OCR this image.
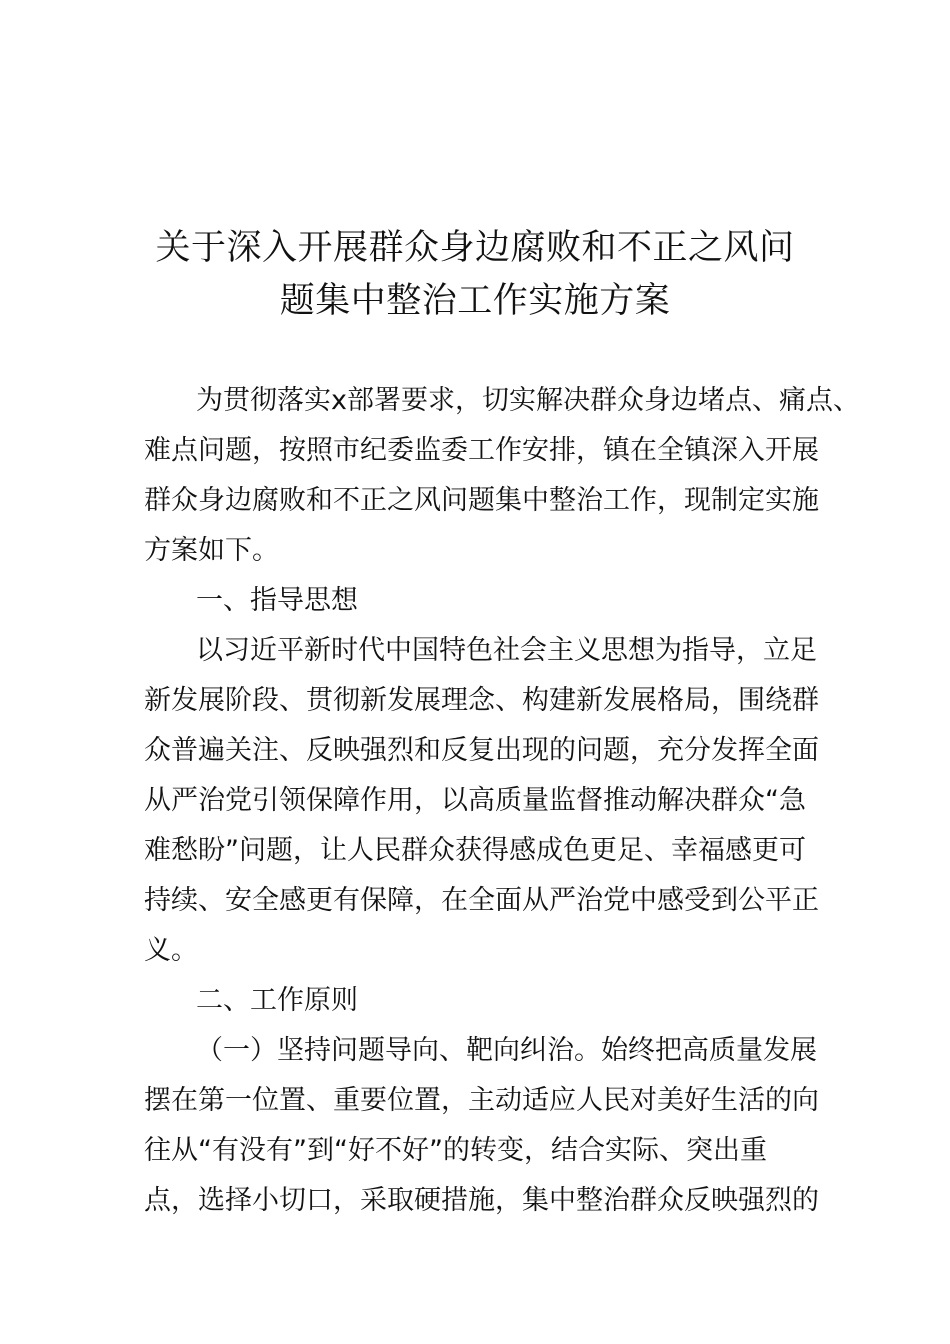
关于深入开展群众身边腐败和不正之风问
题集中整治工作实施方案
为贯彻落实x部署要求，切实解决群众身边堵点、痛点、
难点问题，按照市纪委监委工作安排，镇在全镇深入开展
群众身边腐败和不正之风问题集中整治工作，现制定实施
方案如下。
一、指导思想
以习近平新时代中国特色社会主义思想为指导，立足
新发展阶段、贯彻新发展理念、构建新发展格局，围绕群
众普遍关注、反映强烈和反复出现的问题，充分发挥全面
从严治党引领保障作用，以高质量监督推动解决群众“急
难愁盼”问题，让人民群众获得感成色更足、幸福感更可
持续、安全感更有保障，在全面从严治党中感受到公平正
义。
二、工作原则
（一）坚持问题导向、靶向纠治。始终把高质量发展
摆在第一位置、重要位置，主动适应人民对美好生活的向
往从“有没有”到“好不好”的转变，结合实际、突出重
点，选择小切口，采取硬措施，集中整治群众反映强烈的
